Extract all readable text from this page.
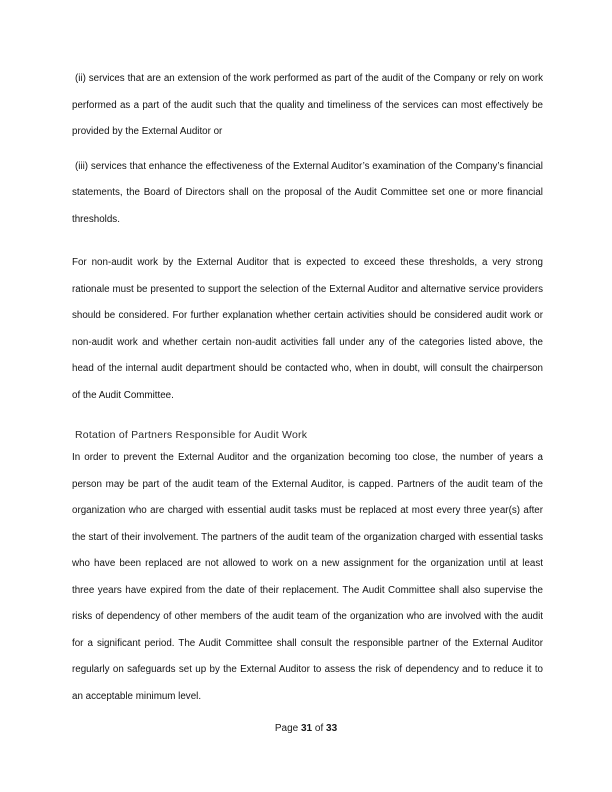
(ii) services that are an extension of the work performed as part of the audit of the Company or rely on work performed as a part of the audit such that the quality and timeliness of the services can most effectively be provided by the External Auditor or

(iii) services that enhance the effectiveness of the External Auditor’s examination of the Company’s financial statements, the Board of Directors shall on the proposal of the Audit Committee set one or more financial thresholds.

For non-audit work by the External Auditor that is expected to exceed these thresholds, a very strong rationale must be presented to support the selection of the External Auditor and alternative service providers should be considered. For further explanation whether certain activities should be considered audit work or non-audit work and whether certain non-audit activities fall under any of the categories listed above, the head of the internal audit department should be contacted who, when in doubt, will consult the chairperson of the Audit Committee.

Rotation of Partners Responsible for Audit Work

In order to prevent the External Auditor and the organization becoming too close, the number of years a person may be part of the audit team of the External Auditor, is capped. Partners of the audit team of the organization who are charged with essential audit tasks must be replaced at most every three year(s) after the start of their involvement. The partners of the audit team of the organization charged with essential tasks who have been replaced are not allowed to work on a new assignment for the organization until at least three years have expired from the date of their replacement. The Audit Committee shall also supervise the risks of dependency of other members of the audit team of the organization who are involved with the audit for a significant period. The Audit Committee shall consult the responsible partner of the External Auditor regularly on safeguards set up by the External Auditor to assess the risk of dependency and to reduce it to an acceptable minimum level.

Page 31 of 33
